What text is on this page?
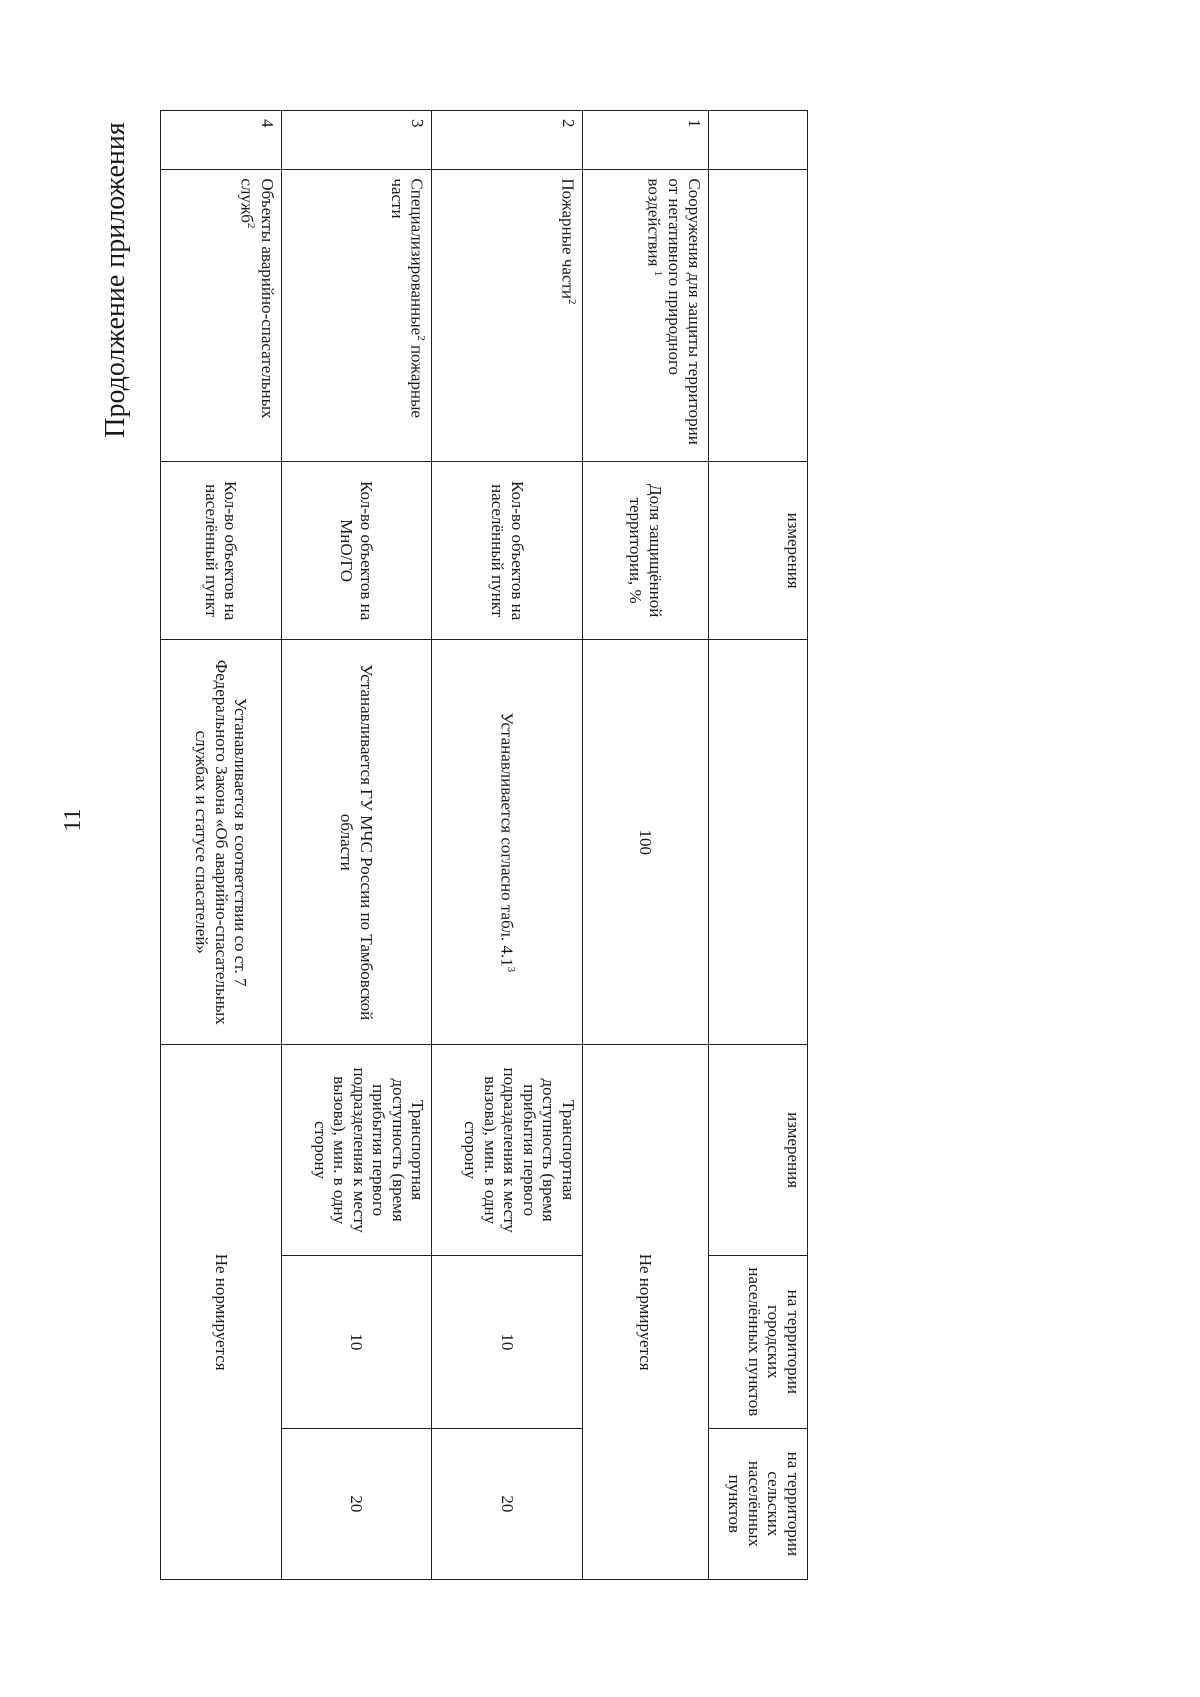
11
Продолжение приложения
		измерения		измерения	на территории городских населённых пунктов	на территории сельских населённых пунктов
1	Сооружения для защиты территории от негативного природного воздействия $^1$	Доля защищённой территории, %	100	Не нормируется		
2	Пожарные части$^2$	Кол-во объектов на населённый пункт	Устанавливается согласно табл. $4.1^3$	Транспортная доступность (время прибытия первого подразделения к месту вызова), мин. в одну сторону	10	20
3	Специализированные$^2$ пожарные части	Кол-во объектов на МнО/ГО	Устанавливается ГУ МЧС России по Тамбовской области	Транспортная доступность (время прибытия первого подразделения к месту вызова), мин. в одну сторону	10	20
4	Объекты аварийно-спасательных служб$^2$	Кол-во объектов на населённый пункт	Устанавливается в соответствии со ст. 7 Федерального Закона «Об аварийно-спасательных службах и статусе спасателей»	Не нормируется		
